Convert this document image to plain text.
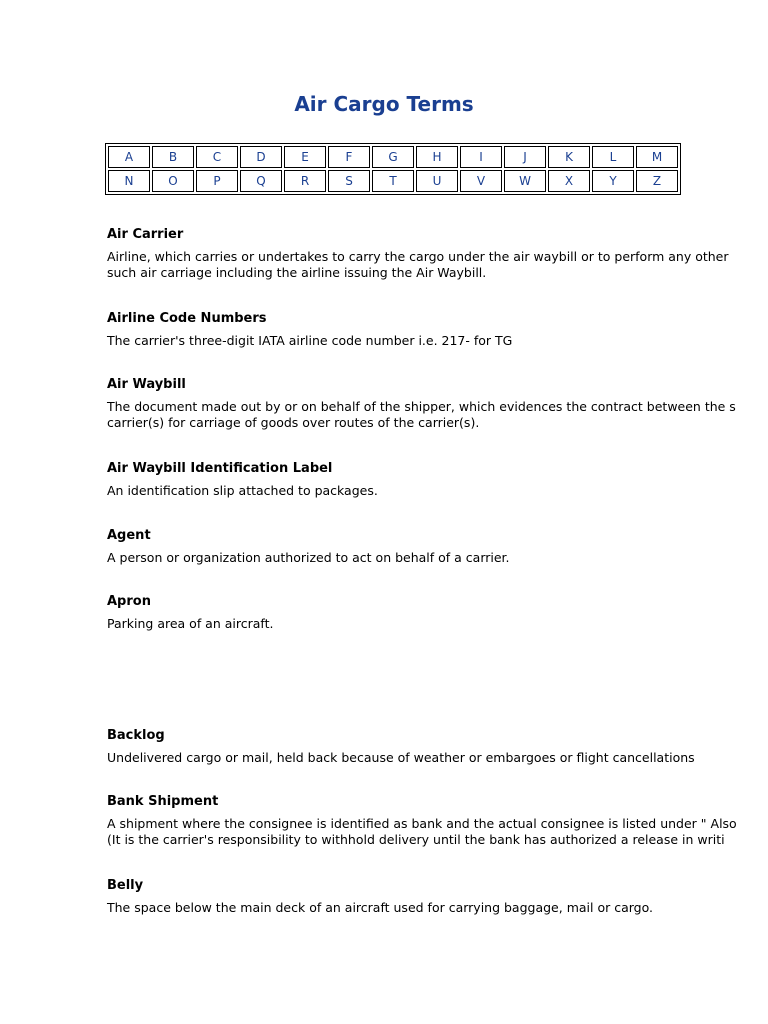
Air Cargo Terms
A	B	C	D	E	F	G	H	I	J	K	L	M
N	O	P	Q	R	S	T	U	V	W	X	Y	Z

Air Carrier

Airline, which carries or undertakes to carry the cargo under the air waybill or to perform any other
such air carriage including the airline issuing the Air Waybill.

Airline Code Numbers

The carrier's three-digit IATA airline code number i.e. 217- for TG

Air Waybill

The document made out by or on behalf of the shipper, which evidences the contract between the s
carrier(s) for carriage of goods over routes of the carrier(s).

Air Waybill Identification Label

An identification slip attached to packages.

Agent

A person or organization authorized to act on behalf of a carrier.

Apron

Parking area of an aircraft.

Backlog

Undelivered cargo or mail, held back because of weather or embargoes or flight cancellations

Bank Shipment

A shipment where the consignee is identified as bank and the actual consignee is listed under " Also
(It is the carrier's responsibility to withhold delivery until the bank has authorized a release in writi

Belly

The space below the main deck of an aircraft used for carrying baggage, mail or cargo.
